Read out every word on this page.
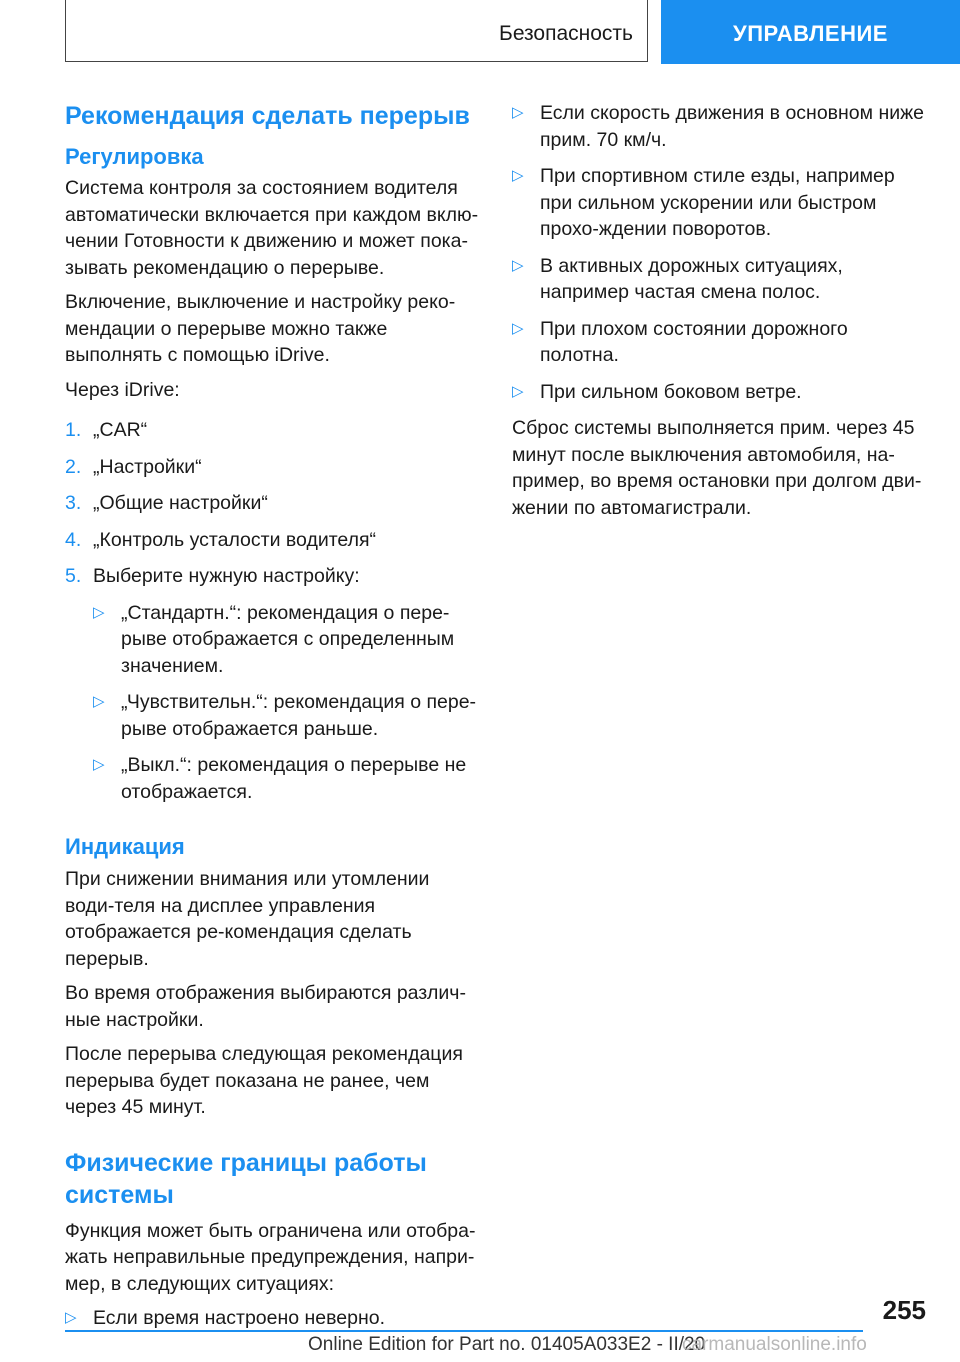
Безопасность	УПРАВЛЕНИЕ
Рекомендация сделать перерыв
Регулировка

Система контроля за состоянием водителя автоматически включается при каждом вклю‐чении Готовности к движению и может пока‐зывать рекомендацию о перерыве.

Включение, выключение и настройку реко‐мендации о перерыве можно также выполнять с помощью iDrive.

Через iDrive:

1. „CAR“
2. „Настройки“
3. „Общие настройки“
4. „Контроль усталости водителя“
5. Выберите нужную настройку:
▷ „Стандартн.“: рекомендация о пере‐рыве отображается с определенным значением.
▷ „Чувствительн.“: рекомендация о пере‐рыве отображается раньше.
▷ „Выкл.“: рекомендация о перерыве не отображается.
Индикация

При снижении внимания или утомлении води‐теля на дисплее управления отображается ре‐комендация сделать перерыв.

Во время отображения выбираются различ‐ные настройки.

После перерыва следующая рекомендация перерыва будет показана не ранее, чем через 45 минут.

Физические границы работы системы

Функция может быть ограничена или отобра‐жать неправильные предупреждения, напри‐мер, в следующих ситуациях:

▷ Если время настроено неверно.
▷ Если скорость движения в основном ниже прим. 70 км/ч.
▷ При спортивном стиле езды, например при сильном ускорении или быстром прохо‐ждении поворотов.
▷ В активных дорожных ситуациях, например частая смена полос.
▷ При плохом состоянии дорожного полотна.
▷ При сильном боковом ветре.

Сброс системы выполняется прим. через 45 минут после выключения автомобиля, на‐пример, во время остановки при долгом дви‐жении по автомагистрали.

255
Online Edition for Part no. 01405A033E2 - II/20
carmanualsonline.info
